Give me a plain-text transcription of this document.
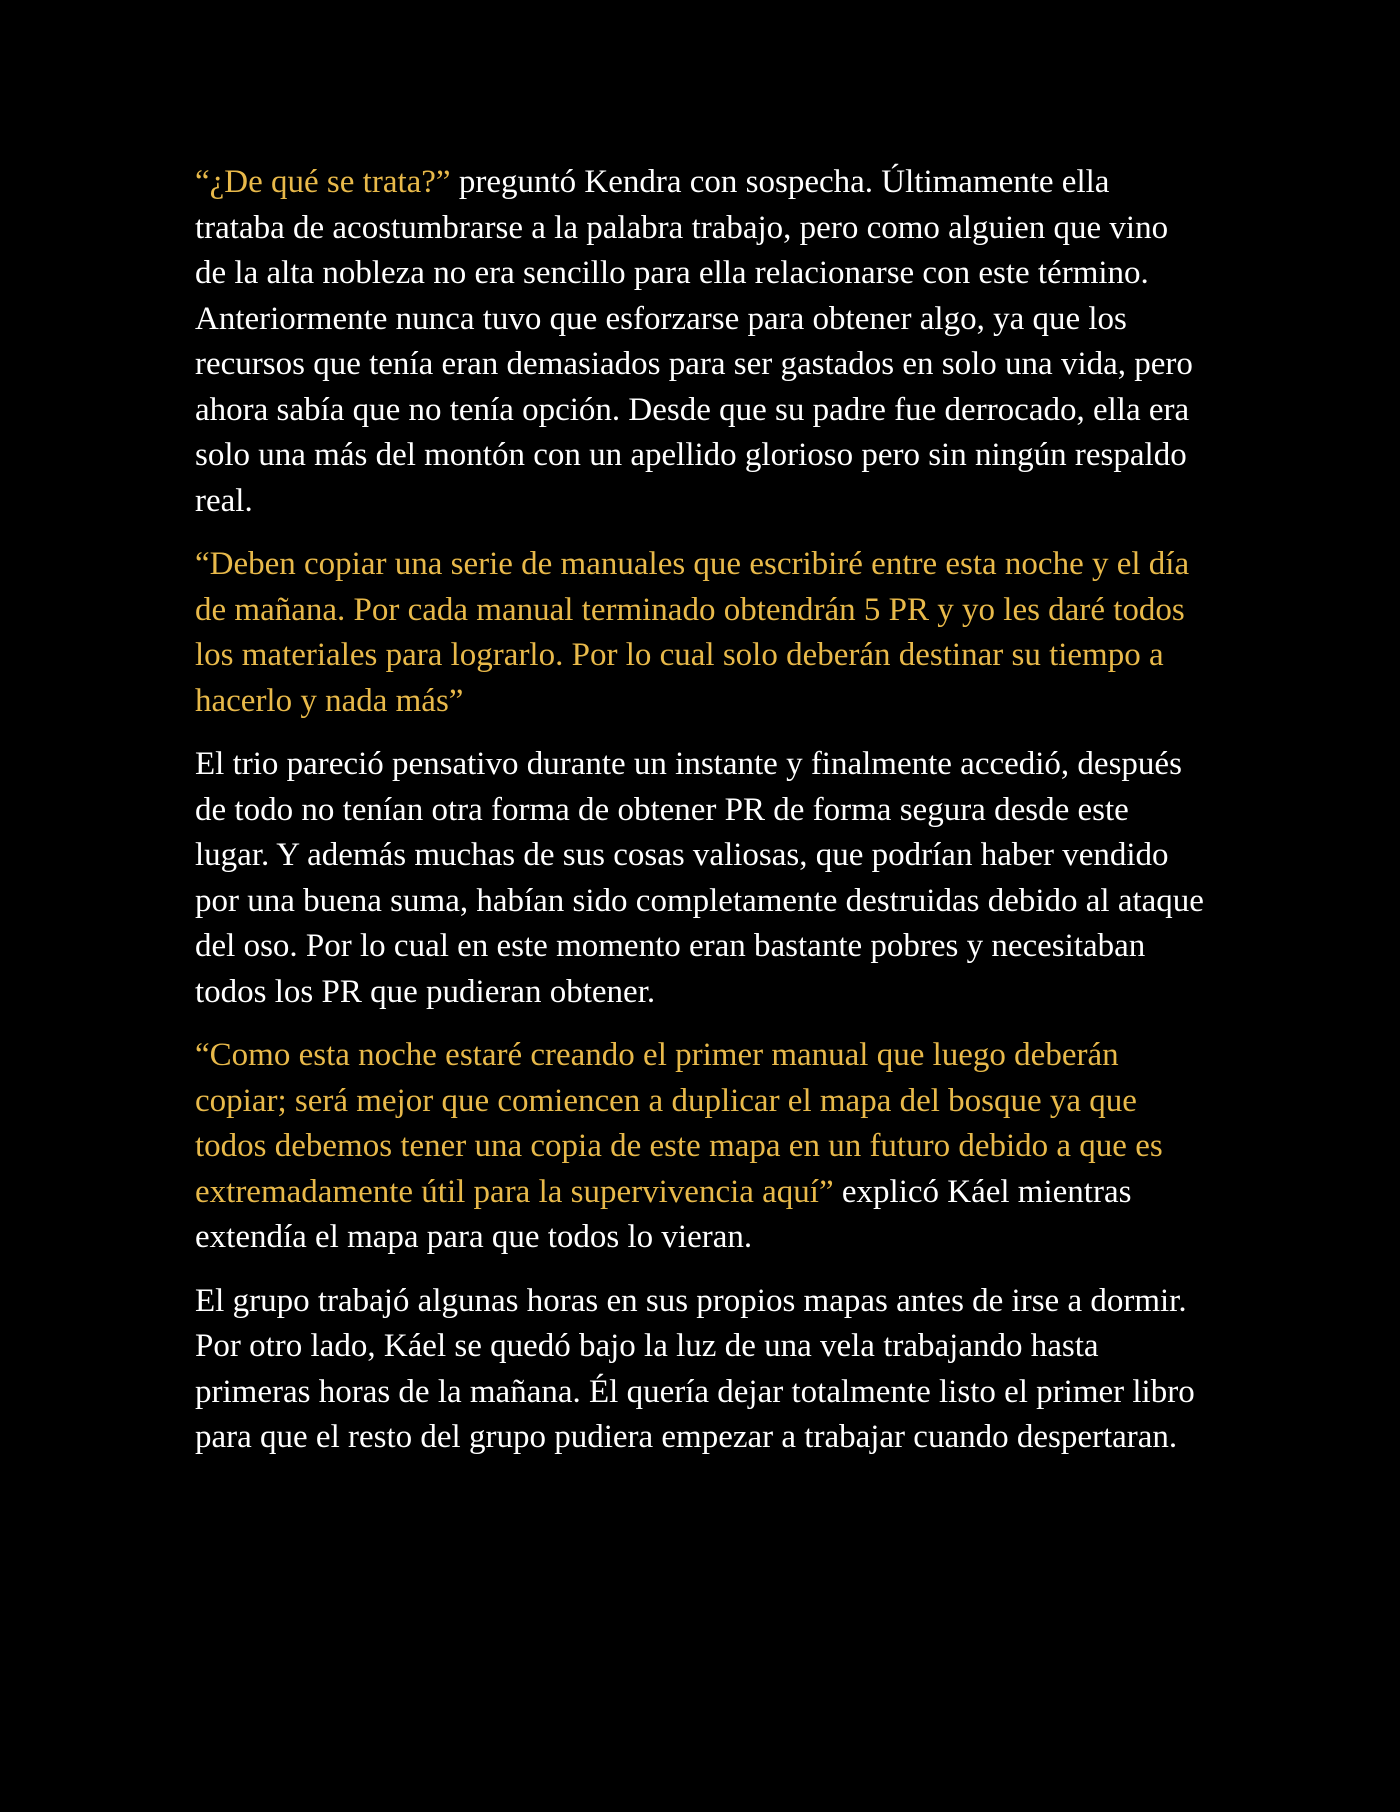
“¿De qué se trata?” preguntó Kendra con sospecha. Últimamente ella trataba de acostumbrarse a la palabra trabajo, pero como alguien que vino de la alta nobleza no era sencillo para ella relacionarse con este término. Anteriormente nunca tuvo que esforzarse para obtener algo, ya que los recursos que tenía eran demasiados para ser gastados en solo una vida, pero ahora sabía que no tenía opción. Desde que su padre fue derrocado, ella era solo una más del montón con un apellido glorioso pero sin ningún respaldo real.

“Deben copiar una serie de manuales que escribiré entre esta noche y el día de mañana. Por cada manual terminado obtendrán 5 PR y yo les daré todos los materiales para lograrlo. Por lo cual solo deberán destinar su tiempo a hacerlo y nada más”

El trio pareció pensativo durante un instante y finalmente accedió, después de todo no tenían otra forma de obtener PR de forma segura desde este lugar. Y además muchas de sus cosas valiosas, que podrían haber vendido por una buena suma, habían sido completamente destruidas debido al ataque del oso. Por lo cual en este momento eran bastante pobres y necesitaban todos los PR que pudieran obtener.

“Como esta noche estaré creando el primer manual que luego deberán copiar; será mejor que comiencen a duplicar el mapa del bosque ya que todos debemos tener una copia de este mapa en un futuro debido a que es extremadamente útil para la supervivencia aquí” explicó Káel mientras extendía el mapa para que todos lo vieran.

El grupo trabajó algunas horas en sus propios mapas antes de irse a dormir. Por otro lado, Káel se quedó bajo la luz de una vela trabajando hasta primeras horas de la mañana. Él quería dejar totalmente listo el primer libro para que el resto del grupo pudiera empezar a trabajar cuando despertaran.
